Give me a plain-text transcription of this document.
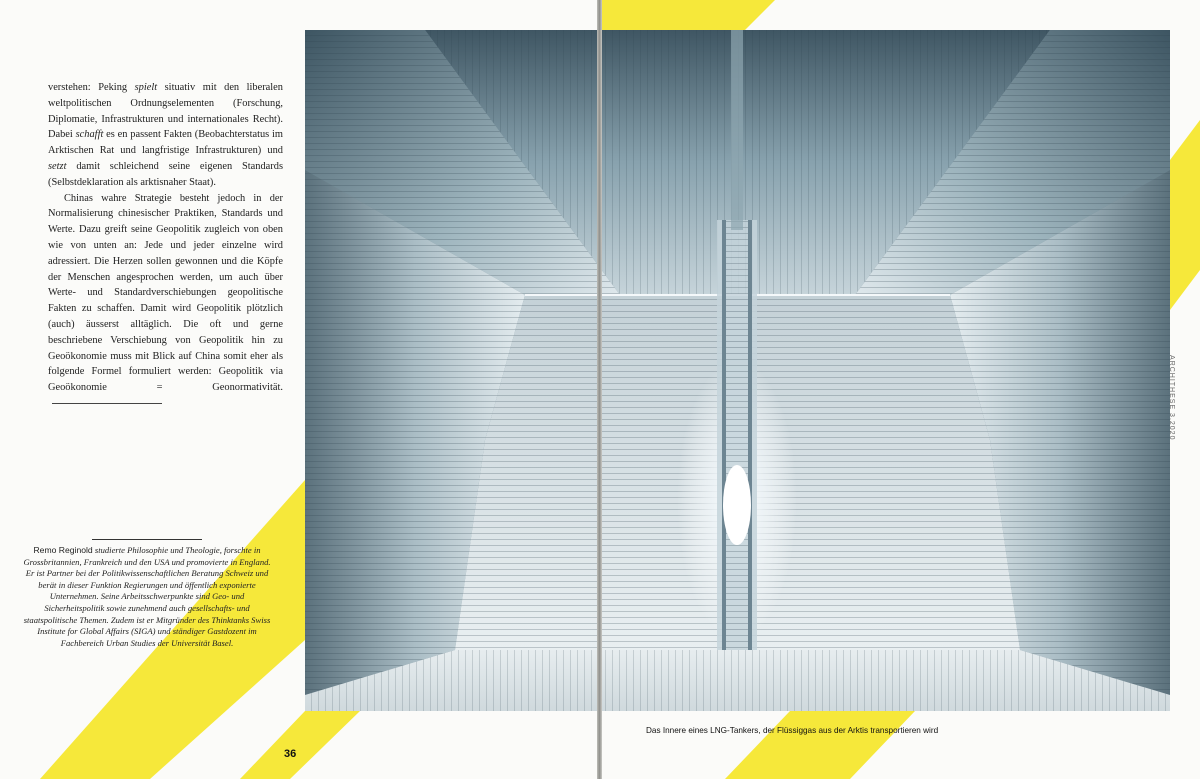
verstehen: Peking spielt situativ mit den liberalen weltpolitischen Ordnungselementen (Forschung, Diplomatie, Infrastrukturen und internationales Recht). Dabei schafft es en passent Fakten (Beobachterstatus im Arktischen Rat und langfristige Infrastrukturen) und setzt damit schleichend seine eigenen Standards (Selbstdeklaration als arktisnaher Staat).

Chinas wahre Strategie besteht jedoch in der Normalisierung chinesischer Praktiken, Standards und Werte. Dazu greift seine Geopolitik zugleich von oben wie von unten an: Jede und jeder einzelne wird adressiert. Die Herzen sollen gewonnen und die Köpfe der Menschen angesprochen werden, um auch über Werte- und Standardverschiebungen geopolitische Fakten zu schaffen. Damit wird Geopolitik plötzlich (auch) äusserst alltäglich. Die oft und gerne beschriebene Verschiebung von Geopolitik hin zu Geoökonomie muss mit Blick auf China somit eher als folgende Formel formuliert werden: Geopolitik via Geoökonomie = Geonormativität.

Remo Reginold studierte Philosophie und Theologie, forschte in Grossbritannien, Frankreich und den USA und promovierte in England. Er ist Partner bei der Politikwissenschaftlichen Beratung Schweiz und berät in dieser Funktion Regierungen und öffentlich exponierte Unternehmen. Seine Arbeitsschwerpunkte sind Geo- und Sicherheitspolitik sowie zunehmend auch gesellschafts- und staatspolitische Themen. Zudem ist er Mitgründer des Thinktanks Swiss Institute for Global Affairs (SIGA) und ständiger Gastdozent im Fachbereich Urban Studies der Universität Basel.
36
Das Innere eines LNG-Tankers, der Flüssiggas aus der Arktis transportieren wird
ARCHITHESE 3.2020
